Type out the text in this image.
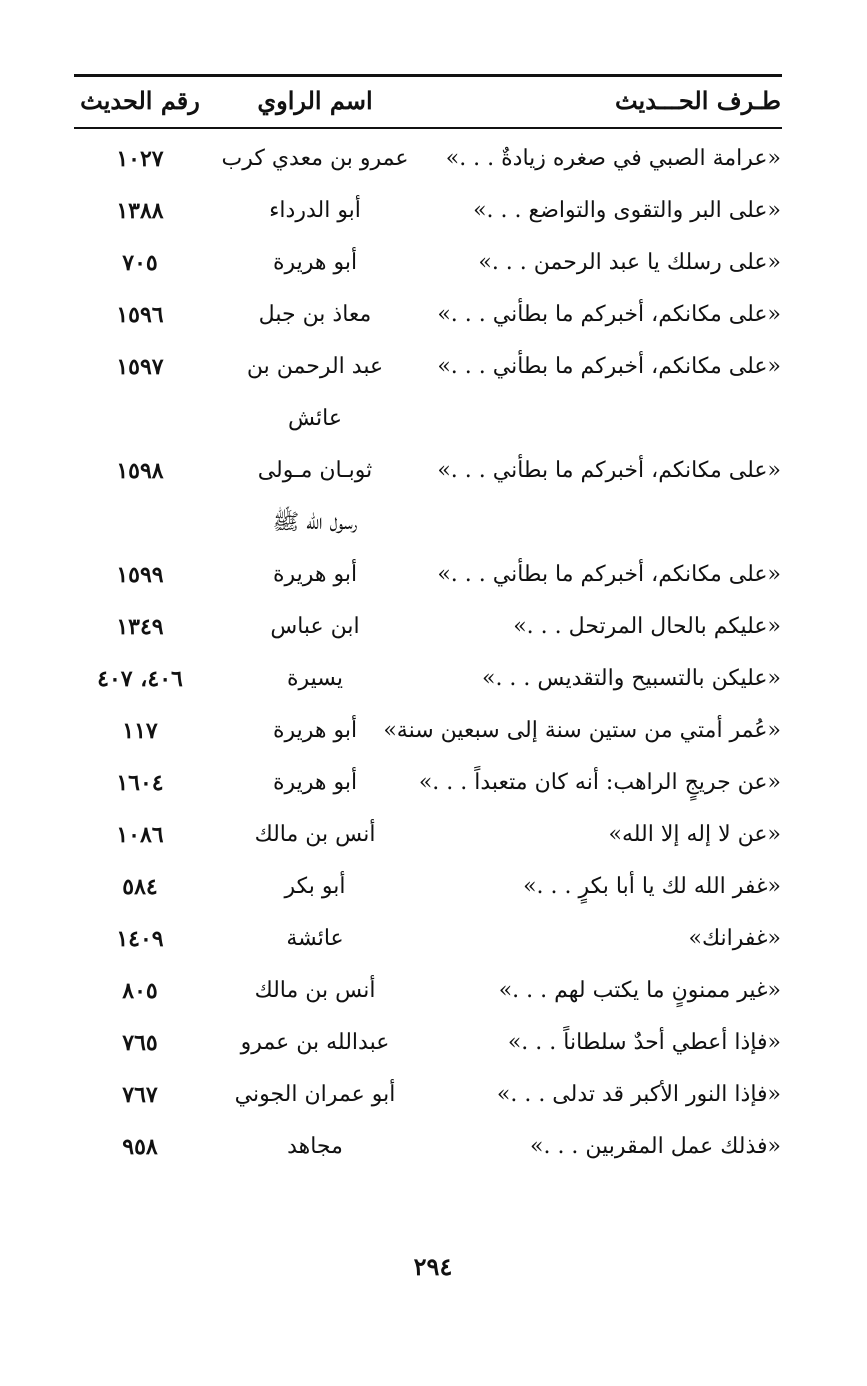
طـرف الحـــديث
اسم الراوي
رقم الحديث
«عرامة الصبي في صغره زيادةٌ . . .»
عمرو بن معدي كرب
١٠٢٧
«على البر والتقوى والتواضع . . .»
أبو الدرداء
١٣٨٨
«على رسلك يا عبد الرحمن . . .»
أبو هريرة
٧٠٥
«على مكانكم، أخبركم ما بطأني . . .»
معاذ بن جبل
١٥٩٦
«على مكانكم، أخبركم ما بطأني . . .»
عبد الرحمن بن
١٥٩٧
عائش
«على مكانكم، أخبركم ما بطأني . . .»
ثوبـان مـولى
١٥٩٨
رسول الله ﷺ
«على مكانكم، أخبركم ما بطأني . . .»
أبو هريرة
١٥٩٩
«عليكم بالحال المرتحل . . .»
ابن عباس
١٣٤٩
«عليكن بالتسبيح والتقديس . . .»
يسيرة
٤٠٦، ٤٠٧
«عُمر أمتي من ستين سنة إلى سبعين سنة»
أبو هريرة
١١٧
«عن جريجٍ الراهب: أنه كان متعبداً . . .»
أبو هريرة
١٦٠٤
«عن لا إله إلا الله»
أنس بن مالك
١٠٨٦
«غفر الله لك يا أبا بكرٍ . . .»
أبو بكر
٥٨٤
«غفرانك»
عائشة
١٤٠٩
«غير ممنونٍ ما يكتب لهم . . .»
أنس بن مالك
٨٠٥
«فإذا أعطي أحدٌ سلطاناً . . .»
عبدالله بن عمرو
٧٦٥
«فإذا النور الأكبر قد تدلى . . .»
أبو عمران الجوني
٧٦٧
«فذلك عمل المقربين . . .»
مجاهد
٩٥٨
٢٩٤
